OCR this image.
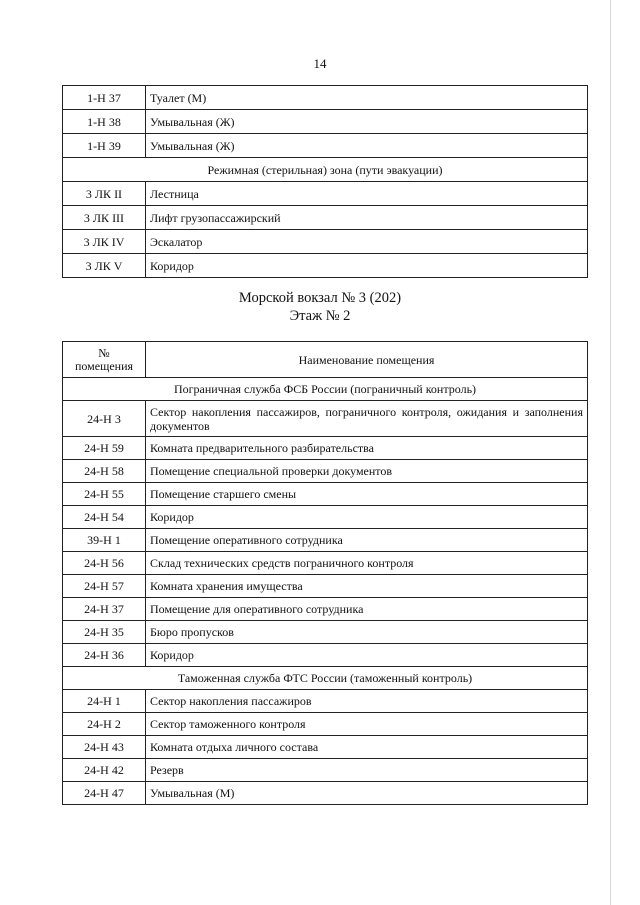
14
1-Н 37	Туалет (М)
1-Н 38	Умывальная (Ж)
1-Н 39	Умывальная (Ж)
Режимная (стерильная) зона (пути эвакуации)	
3 ЛК II	Лестница
3 ЛК III	Лифт грузопассажирский
3 ЛК IV	Эскалатор
3 ЛК V	Коридор
Морской вокзал № 3 (202)
Этаж № 2
№
помещения	Наименование помещения
Пограничная служба ФСБ России (пограничный контроль)	
24-Н 3	Сектор накопления пассажиров, пограничного контроля, ожидания и заполнения документов
24-Н 59	Комната предварительного разбирательства
24-Н 58	Помещение специальной проверки документов
24-Н 55	Помещение старшего смены
24-Н 54	Коридор
39-Н 1	Помещение оперативного сотрудника
24-Н 56	Склад технических средств пограничного контроля
24-Н 57	Комната хранения имущества
24-Н 37	Помещение для оперативного сотрудника
24-Н 35	Бюро пропусков
24-Н 36	Коридор
Таможенная служба ФТС России (таможенный контроль)	
24-Н 1	Сектор накопления пассажиров
24-Н 2	Сектор таможенного контроля
24-Н 43	Комната отдыха личного состава
24-Н 42	Резерв
24-Н 47	Умывальная (М)
